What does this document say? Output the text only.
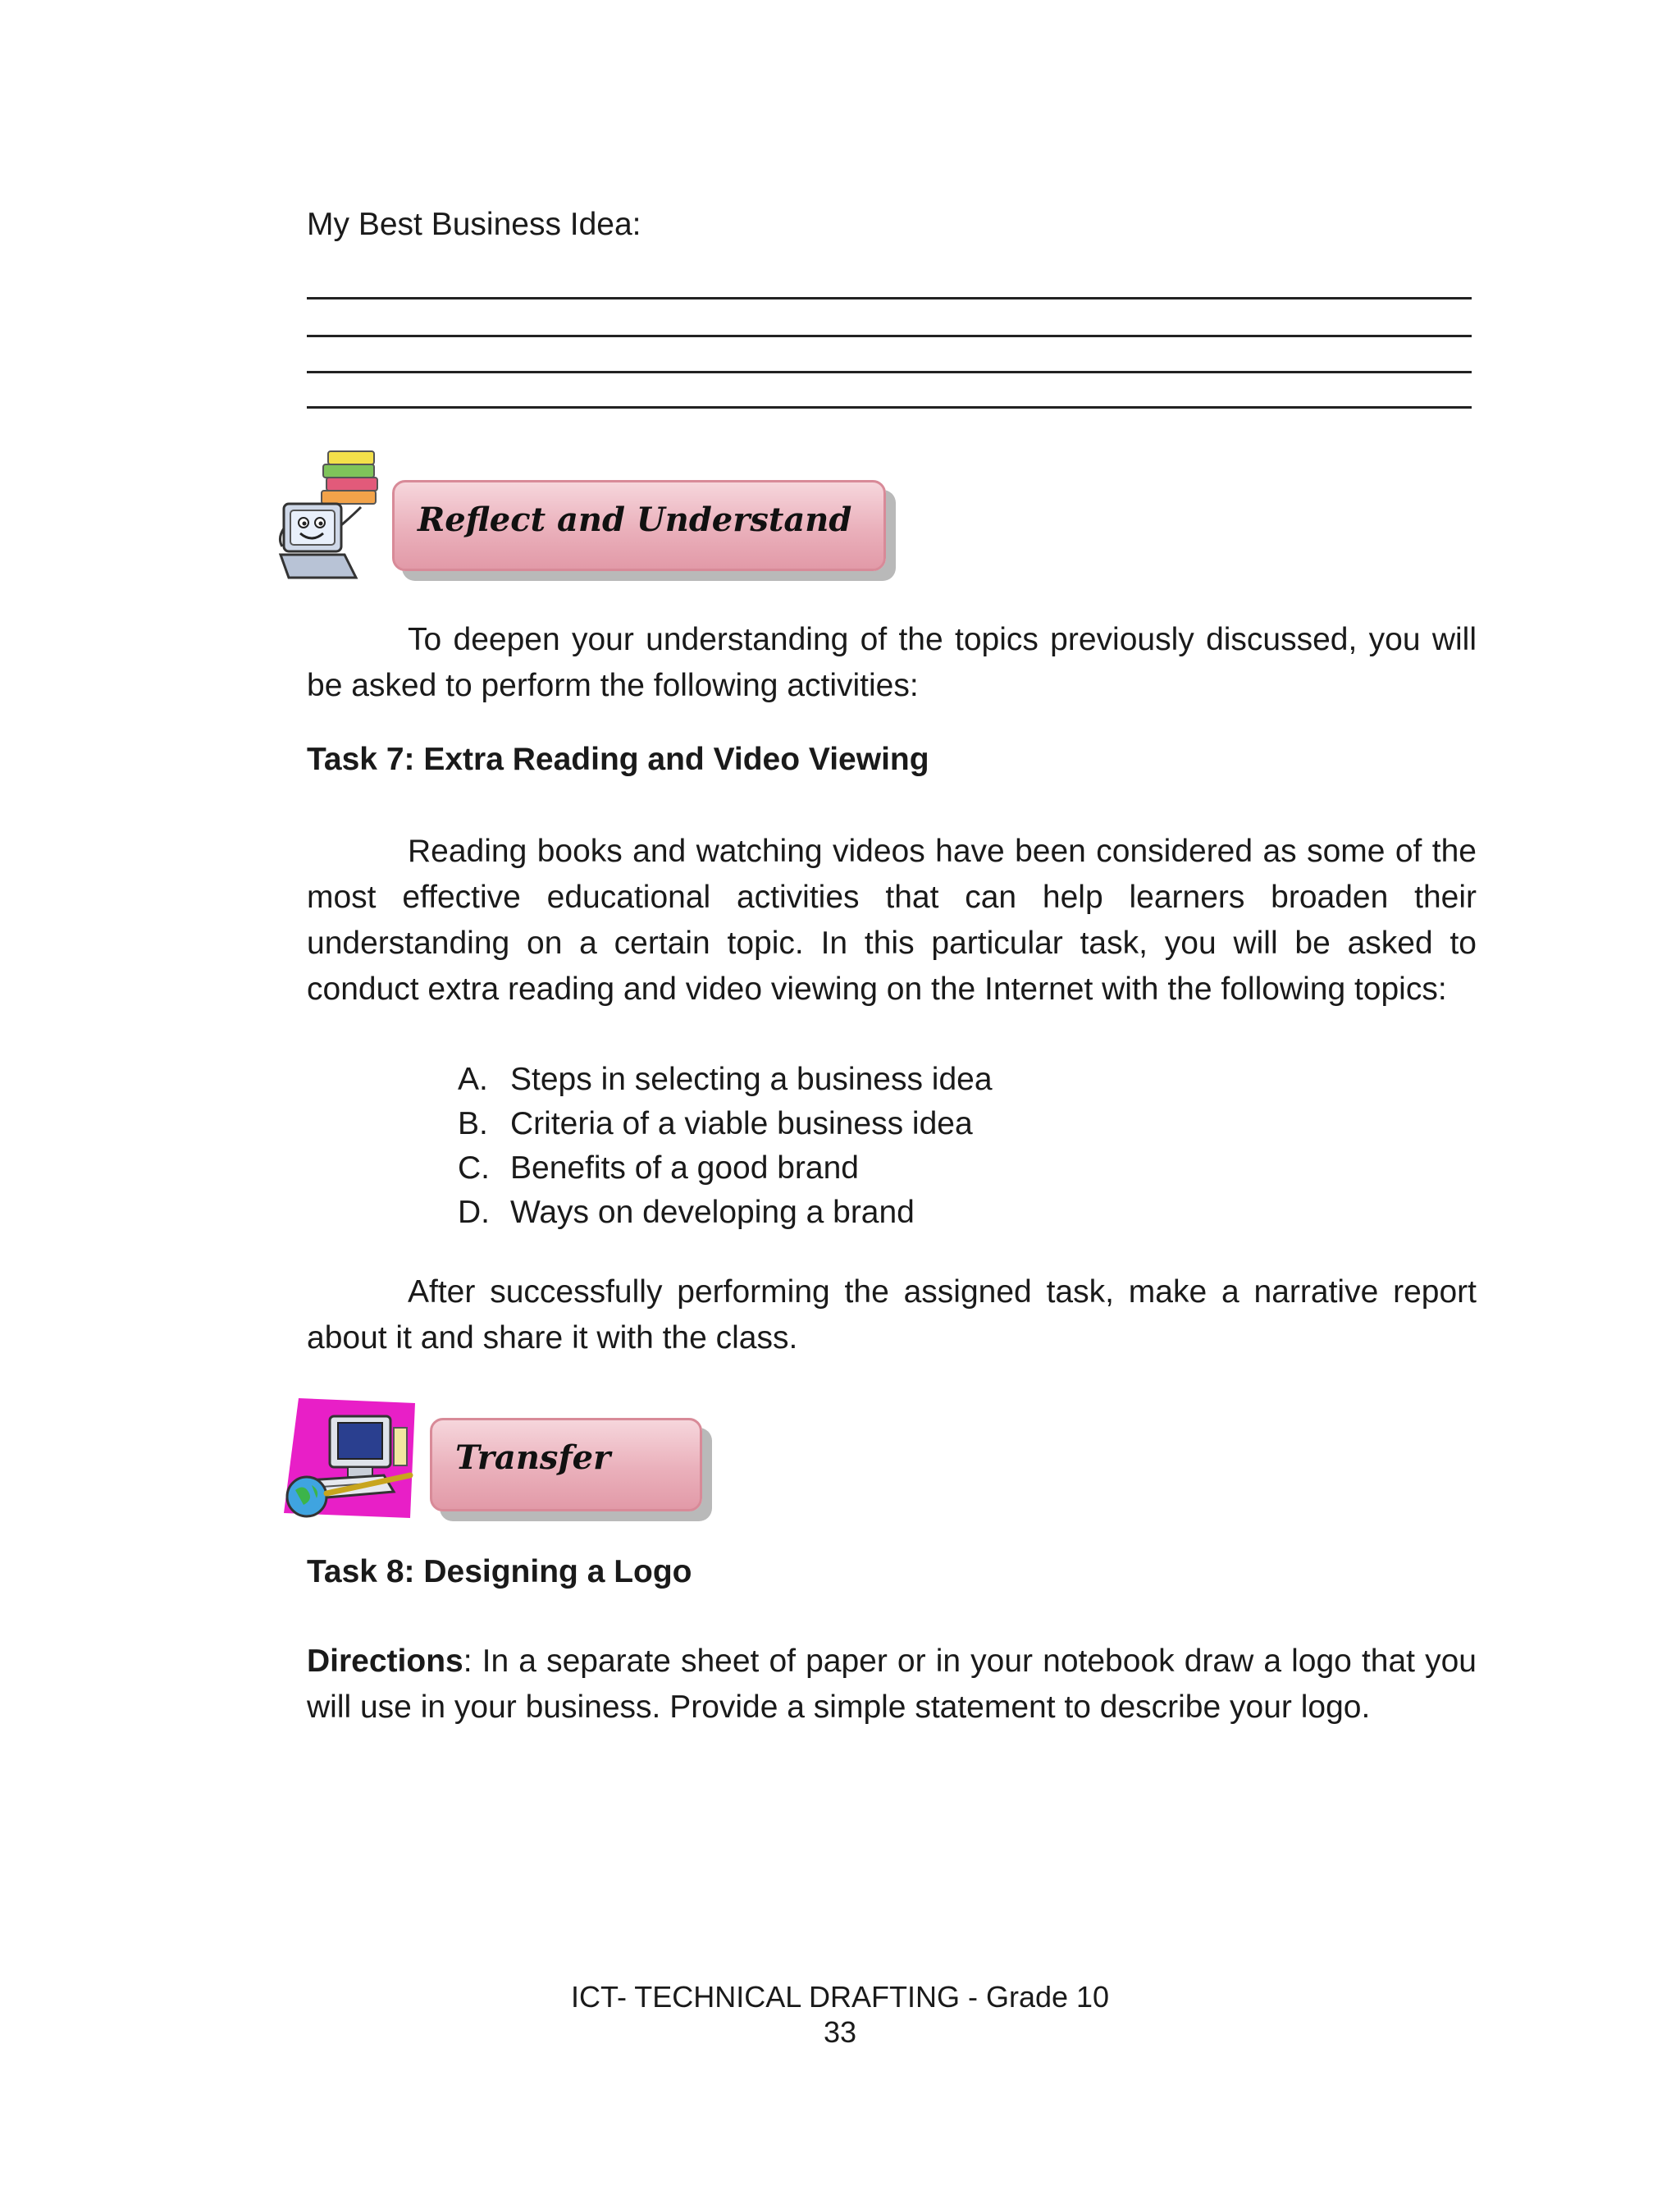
My Best Business Idea:
Reflect and Understand
To deepen your understanding of the topics previously discussed, you will be asked to perform the following activities:
Task 7: Extra Reading and Video Viewing
Reading books and watching videos have been considered as some of the most effective educational activities that can help learners broaden their understanding on a certain topic. In this particular task, you will be asked to conduct extra reading and video viewing on the Internet with the following topics:
A. Steps in selecting a business idea
B. Criteria of a viable business idea
C. Benefits of a good brand
D. Ways on developing a brand
After successfully performing the assigned task, make a narrative report about it and share it with the class.
Transfer
Task 8: Designing a Logo
Directions: In a separate sheet of paper or in your notebook draw a logo that you will use in your business. Provide a simple statement to describe your logo.
ICT- TECHNICAL DRAFTING - Grade 10
33
